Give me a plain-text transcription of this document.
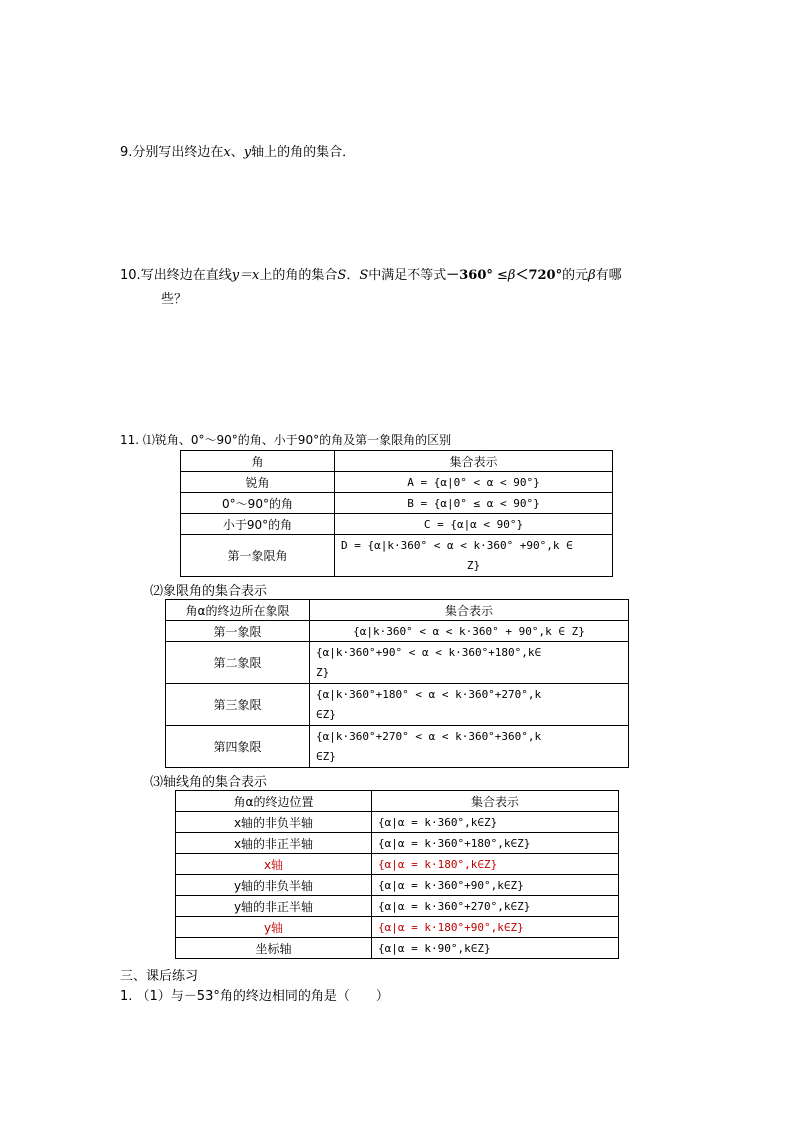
9.分别写出终边在x、y轴上的角的集合．
10.写出终边在直线y＝x上的角的集合S．S中满足不等式－360° ≤β＜720°的元β有哪
些？
11. ⑴锐角、0°～90°的角、小于90°的角及第一象限角的区别
角	集合表示
锐角	A = {α|0° < α < 90°}
0°～90°的角	B = {α|0° ≤ α < 90°}
小于90°的角	C = {α|α < 90°}
第一象限角	D = {α|k·360° < α < k·360° +90°,k ∈
Z}
⑵象限角的集合表示
角α的终边所在象限	集合表示
第一象限	{α|k·360° < α < k·360° + 90°,k ∈ Z}
第二象限	{α|k·360°+90° < α < k·360°+180°,k∈
Z}

第三象限	{α|k·360°+180° < α < k·360°+270°,k
∈Z}

第四象限	{α|k·360°+270° < α < k·360°+360°,k
∈Z}
⑶轴线角的集合表示
角α的终边位置	集合表示
x轴的非负半轴	{α|α = k·360°,k∈Z}
x轴的非正半轴	{α|α = k·360°+180°,k∈Z}
x轴	{α|α = k·180°,k∈Z}
y轴的非负半轴	{α|α = k·360°+90°,k∈Z}
y轴的非正半轴	{α|α = k·360°+270°,k∈Z}
y轴	{α|α = k·180°+90°,k∈Z}
坐标轴	{α|α = k·90°,k∈Z}
三、课后练习
1. （1）与－53°角的终边相同的角是（　　）
